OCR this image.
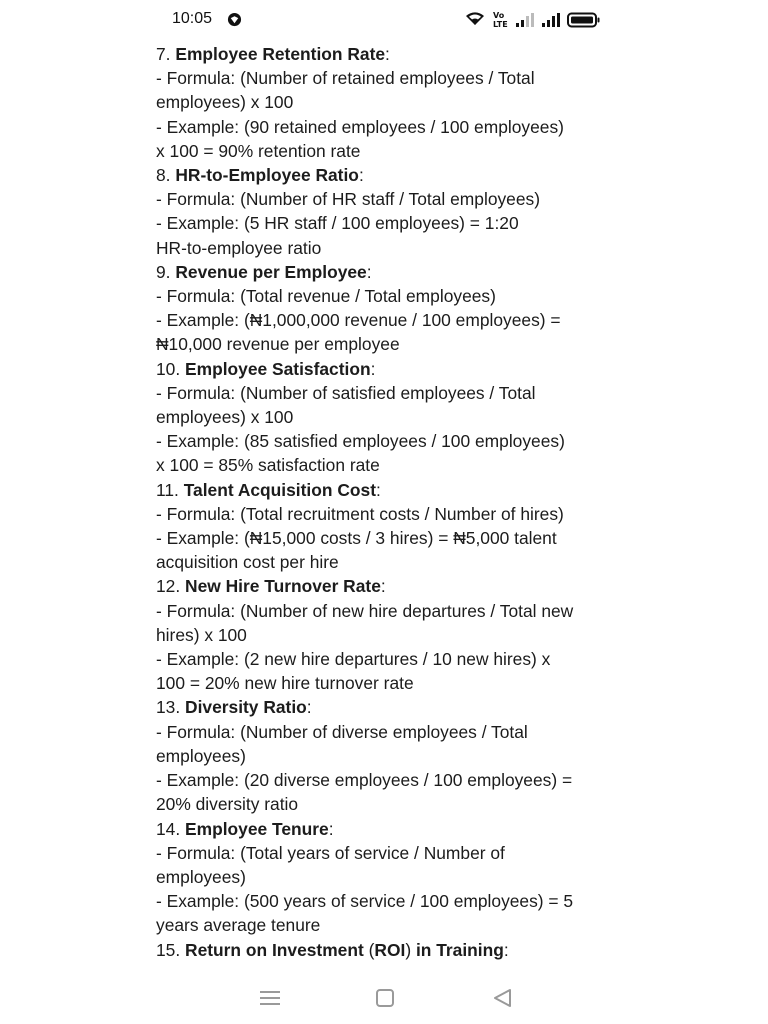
10:05	Vo
LTE
7. Employee Retention Rate:
- Formula: (Number of retained employees / Total
employees) x 100
- Example: (90 retained employees / 100 employees)
x 100 = 90% retention rate
8. HR-to-Employee Ratio:
- Formula: (Number of HR staff / Total employees)
- Example: (5 HR staff / 100 employees) = 1:20
HR-to-employee ratio
9. Revenue per Employee:
- Formula: (Total revenue / Total employees)
- Example: (₦1,000,000 revenue / 100 employees) =
₦10,000 revenue per employee
10. Employee Satisfaction:
- Formula: (Number of satisfied employees / Total
employees) x 100
- Example: (85 satisfied employees / 100 employees)
x 100 = 85% satisfaction rate
11. Talent Acquisition Cost:
- Formula: (Total recruitment costs / Number of hires)
- Example: (₦15,000 costs / 3 hires) = ₦5,000 talent
acquisition cost per hire
12. New Hire Turnover Rate:
- Formula: (Number of new hire departures / Total new
hires) x 100
- Example: (2 new hire departures / 10 new hires) x
100 = 20% new hire turnover rate
13. Diversity Ratio:
- Formula: (Number of diverse employees / Total
employees)
- Example: (20 diverse employees / 100 employees) =
20% diversity ratio
14. Employee Tenure:
- Formula: (Total years of service / Number of
employees)
- Example: (500 years of service / 100 employees) = 5
years average tenure
15. Return on Investment (ROI) in Training:
